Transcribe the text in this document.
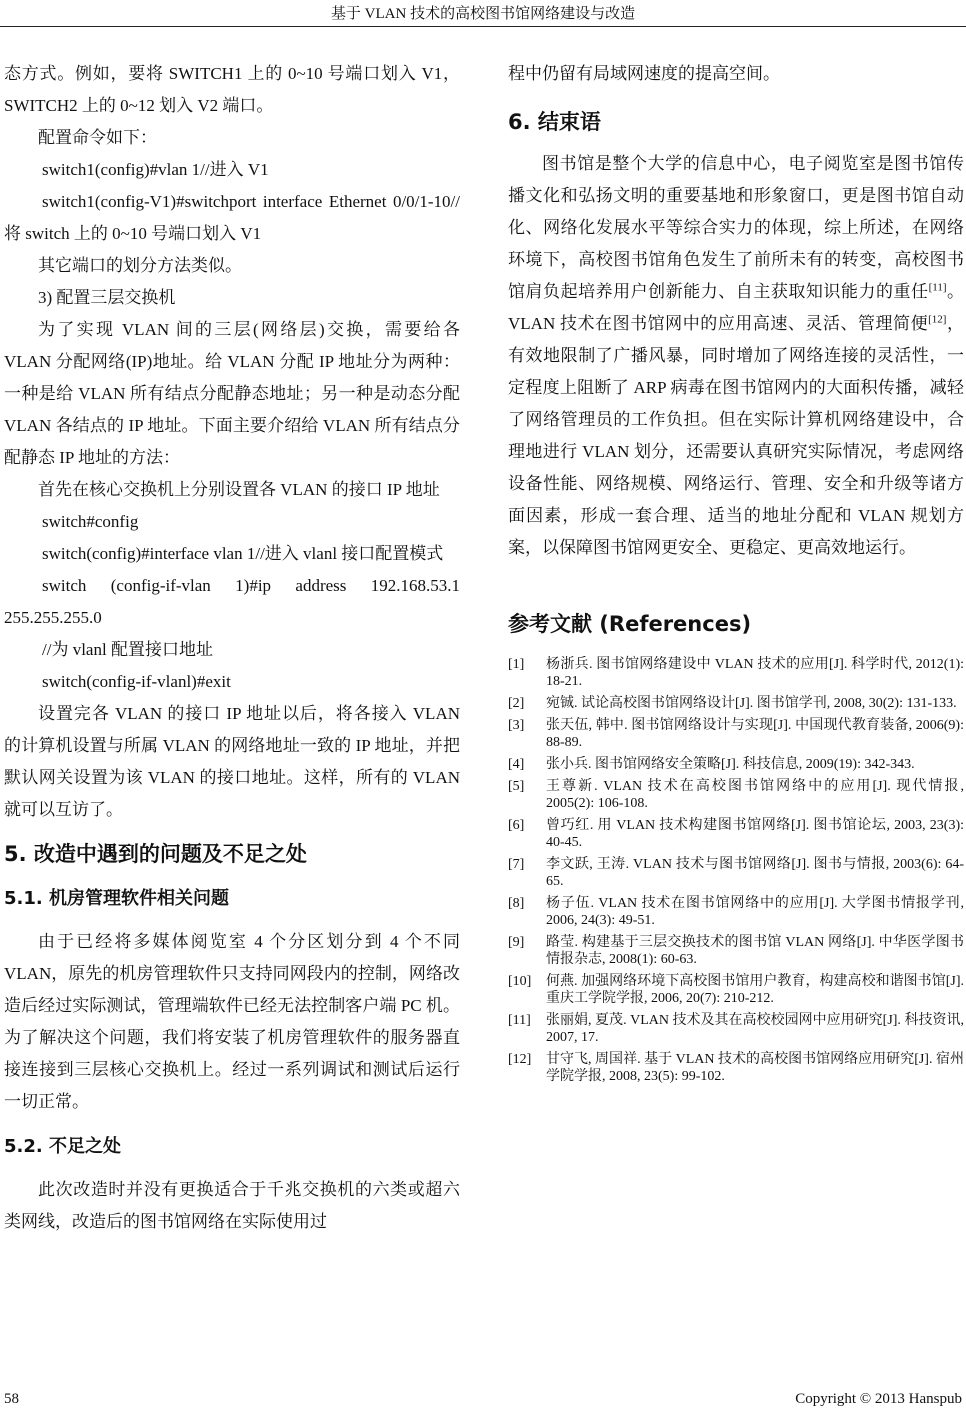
基于 VLAN 技术的高校图书馆网络建设与改造

态方式。例如，要将 SWITCH1 上的 0~10 号端口划入 V1，SWITCH2 上的 0~12 划入 V2 端口。

配置命令如下：

switch1(config)#vlan 1//进入 V1

switch1(config-V1)#switchport interface Ethernet 0/0/1-10//将 switch 上的 0~10 号端口划入 V1

其它端口的划分方法类似。

3) 配置三层交换机

为了实现 VLAN 间的三层(网络层)交换，需要给各 VLAN 分配网络(IP)地址。给 VLAN 分配 IP 地址分为两种：一种是给 VLAN 所有结点分配静态地址；另一种是动态分配 VLAN 各结点的 IP 地址。下面主要介绍给 VLAN 所有结点分配静态 IP 地址的方法：

首先在核心交换机上分别设置各 VLAN 的接口 IP 地址

switch#config

switch(config)#interface vlan 1//进入 vlanl 接口配置模式

switch (config-if-vlan 1)#ip address 192.168.53.1 255.255.255.0

//为 vlanl 配置接口地址

switch(config-if-vlanl)#exit

设置完各 VLAN 的接口 IP 地址以后，将各接入 VLAN 的计算机设置与所属 VLAN 的网络地址一致的 IP 地址，并把默认网关设置为该 VLAN 的接口地址。这样，所有的 VLAN 就可以互访了。

5. 改造中遇到的问题及不足之处
5.1. 机房管理软件相关问题

由于已经将多媒体阅览室 4 个分区划分到 4 个不同 VLAN，原先的机房管理软件只支持同网段内的控制，网络改造后经过实际测试，管理端软件已经无法控制客户端 PC 机。为了解决这个问题，我们将安装了机房管理软件的服务器直接连接到三层核心交换机上。经过一系列调试和测试后运行一切正常。

5.2. 不足之处

此次改造时并没有更换适合于千兆交换机的六类或超六类网线，改造后的图书馆网络在实际使用过

程中仍留有局域网速度的提高空间。

6. 结束语

图书馆是整个大学的信息中心，电子阅览室是图书馆传播文化和弘扬文明的重要基地和形象窗口，更是图书馆自动化、网络化发展水平等综合实力的体现，综上所述，在网络环境下，高校图书馆角色发生了前所未有的转变，高校图书馆肩负起培养用户创新能力、自主获取知识能力的重任[11]。VLAN 技术在图书馆网中的应用高速、灵活、管理简便[12]，有效地限制了广播风暴，同时增加了网络连接的灵活性，一定程度上阻断了 ARP 病毒在图书馆网内的大面积传播，减轻了网络管理员的工作负担。但在实际计算机网络建设中，合理地进行 VLAN 划分，还需要认真研究实际情况，考虑网络设备性能、网络规模、网络运行、管理、安全和升级等诸方面因素，形成一套合理、适当的地址分配和 VLAN 规划方案，以保障图书馆网更安全、更稳定、更高效地运行。

参考文献 (References)
[1]	杨浙兵. 图书馆网络建设中 VLAN 技术的应用[J]. 科学时代, 2012(1): 18-21.
[2]	宛铖. 试论高校图书馆网络设计[J]. 图书馆学刊, 2008, 30(2): 131-133.
[3]	张天伍, 韩中. 图书馆网络设计与实现[J]. 中国现代教育装备, 2006(9): 88-89.
[4]	张小兵. 图书馆网络安全策略[J]. 科技信息, 2009(19): 342-343.
[5]	王尊新. VLAN 技术在高校图书馆网络中的应用[J]. 现代情报, 2005(2): 106-108.
[6]	曾巧红. 用 VLAN 技术构建图书馆网络[J]. 图书馆论坛, 2003, 23(3): 40-45.
[7]	李文跃, 王涛. VLAN 技术与图书馆网络[J]. 图书与情报, 2003(6): 64-65.
[8]	杨子伍. VLAN 技术在图书馆网络中的应用[J]. 大学图书情报学刊, 2006, 24(3): 49-51.
[9]	路莹. 构建基于三层交换技术的图书馆 VLAN 网络[J]. 中华医学图书情报杂志, 2008(1): 60-63.
[10]	何燕. 加强网络环境下高校图书馆用户教育，构建高校和谐图书馆[J]. 重庆工学院学报, 2006, 20(7): 210-212.
[11]	张丽娟, 夏茂. VLAN 技术及其在高校校园网中应用研究[J]. 科技资讯, 2007, 17.
[12]	甘守飞, 周国祥. 基于 VLAN 技术的高校图书馆网络应用研究[J]. 宿州学院学报, 2008, 23(5): 99-102.
58	Copyright © 2013 Hanspub
